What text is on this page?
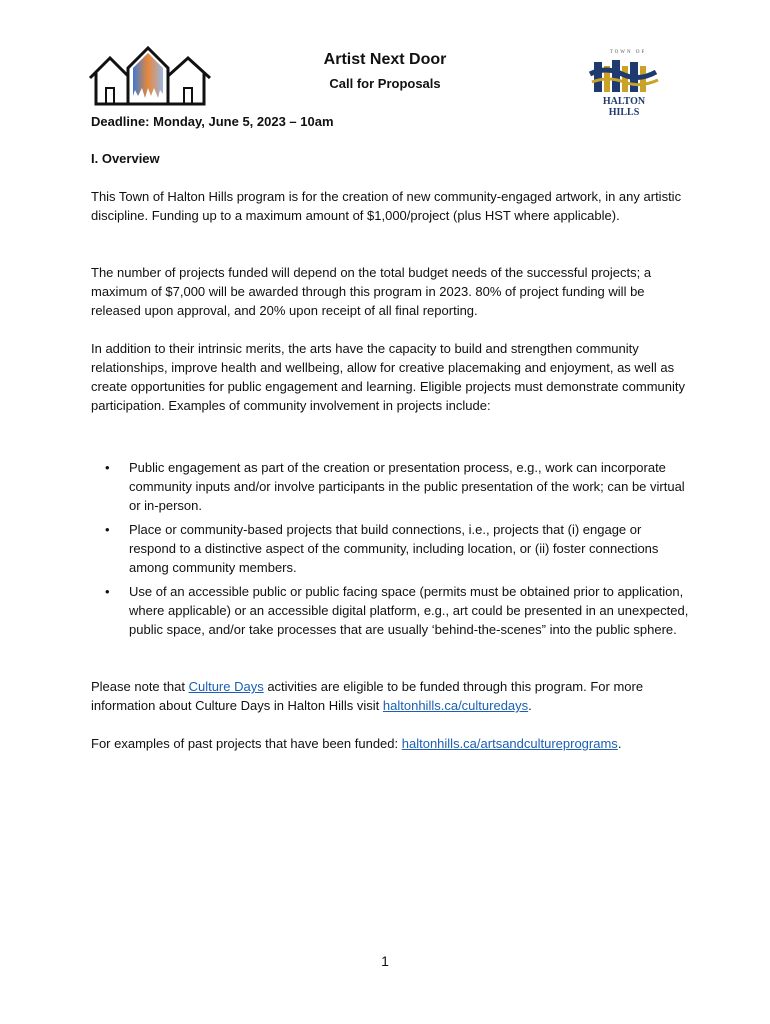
TOWN OF
HALTON HILLS
Artist Next Door
Call for Proposals
Deadline: Monday, June 5, 2023 – 10am
I. Overview
This Town of Halton Hills program is for the creation of new community-engaged artwork, in any artistic discipline. Funding up to a maximum amount of $1,000/project (plus HST where applicable).
The number of projects funded will depend on the total budget needs of the successful projects; a maximum of $7,000 will be awarded through this program in 2023. 80% of project funding will be released upon approval, and 20% upon receipt of all final reporting.
In addition to their intrinsic merits, the arts have the capacity to build and strengthen community relationships, improve health and wellbeing, allow for creative placemaking and enjoyment, as well as create opportunities for public engagement and learning. Eligible projects must demonstrate community participation. Examples of community involvement in projects include:
• Public engagement as part of the creation or presentation process, e.g., work can incorporate community inputs and/or involve participants in the public presentation of the work; can be virtual or in-person.
• Place or community-based projects that build connections, i.e., projects that (i) engage or respond to a distinctive aspect of the community, including location, or (ii) foster connections among community members.
• Use of an accessible public or public facing space (permits must be obtained prior to application, where applicable) or an accessible digital platform, e.g., art could be presented in an unexpected, public space, and/or take processes that are usually ‘behind-the-scenes” into the public sphere.
Please note that Culture Days activities are eligible to be funded through this program. For more information about Culture Days in Halton Hills visit haltonhills.ca/culturedays.
For examples of past projects that have been funded: haltonhills.ca/artsandcultureprograms.
1
